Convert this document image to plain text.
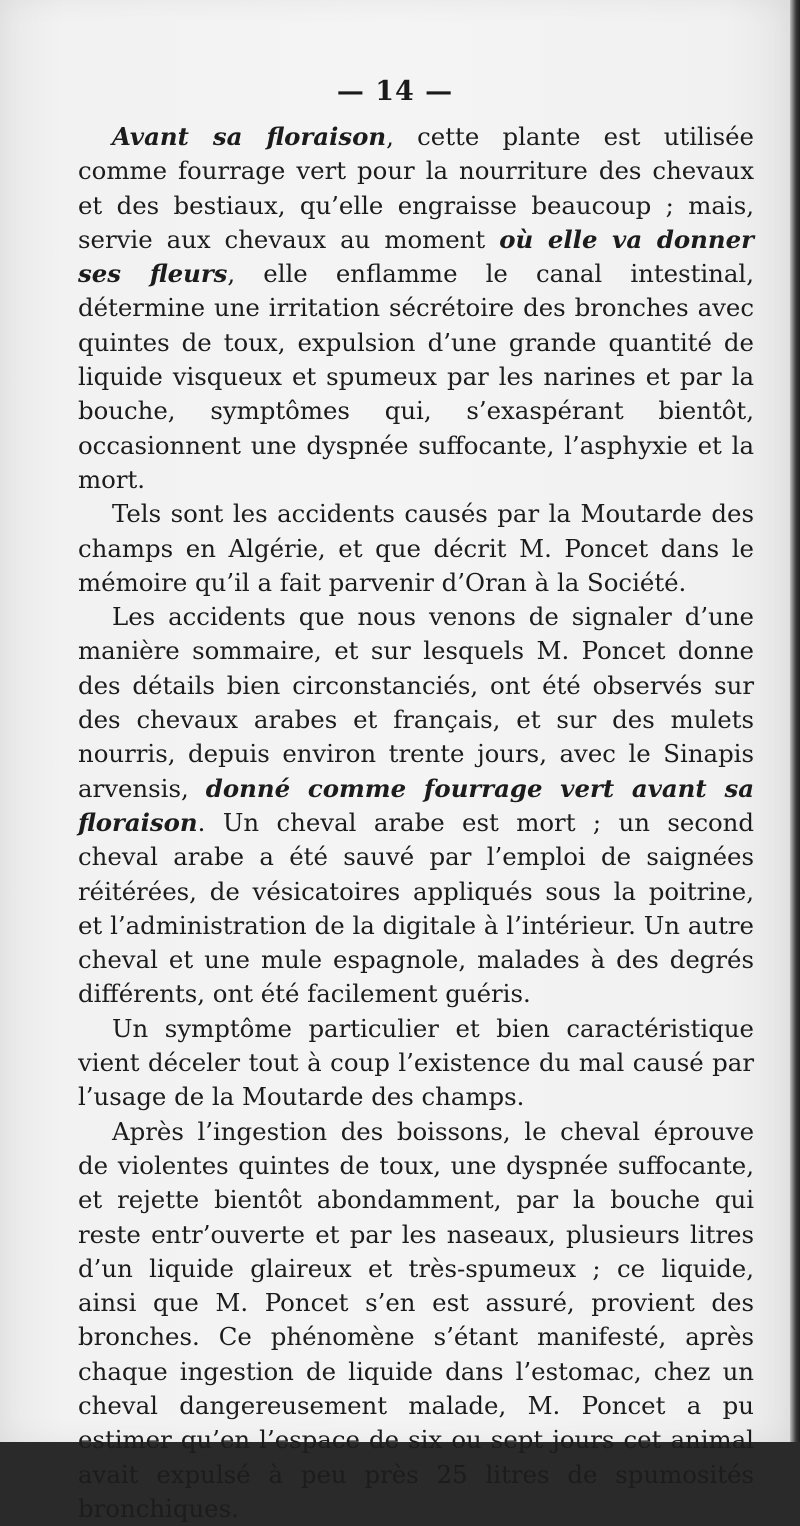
— 14 —

Avant sa floraison, cette plante est utilisée comme fourrage vert pour la nourriture des chevaux et des bestiaux, qu’elle engraisse beaucoup ; mais, servie aux chevaux au moment où elle va donner ses fleurs, elle enflamme le canal intestinal, détermine une irritation sécrétoire des bronches avec quintes de toux, expulsion d’une grande quantité de liquide visqueux et spumeux par les narines et par la bouche, symptômes qui, s’exaspérant bientôt, occasionnent une dyspnée suffocante, l’asphyxie et la mort.

Tels sont les accidents causés par la Moutarde des champs en Algérie, et que décrit M. Poncet dans le mémoire qu’il a fait parvenir d’Oran à la Société.

Les accidents que nous venons de signaler d’une manière sommaire, et sur lesquels M. Poncet donne des détails bien circonstanciés, ont été observés sur des chevaux arabes et français, et sur des mulets nourris, depuis environ trente jours, avec le Sinapis arvensis, donné comme fourrage vert avant sa floraison. Un cheval arabe est mort ; un second cheval arabe a été sauvé par l’emploi de saignées réitérées, de vésicatoires appliqués sous la poitrine, et l’administration de la digitale à l’intérieur. Un autre cheval et une mule espagnole, malades à des degrés différents, ont été facilement guéris.

Un symptôme particulier et bien caractéristique vient déceler tout à coup l’existence du mal causé par l’usage de la Moutarde des champs.

Après l’ingestion des boissons, le cheval éprouve de violentes quintes de toux, une dyspnée suffocante, et rejette bientôt abondamment, par la bouche qui reste entr’ouverte et par les naseaux, plusieurs litres d’un liquide glaireux et très-spumeux ; ce liquide, ainsi que M. Poncet s’en est assuré, provient des bronches. Ce phénomène s’étant manifesté, après chaque ingestion de liquide dans l’estomac, chez un cheval dangereusement malade, M. Poncet a pu estimer qu’en l’espace de six ou sept jours cet animal avait expulsé à peu près 25 litres de spumosités bronchiques.
